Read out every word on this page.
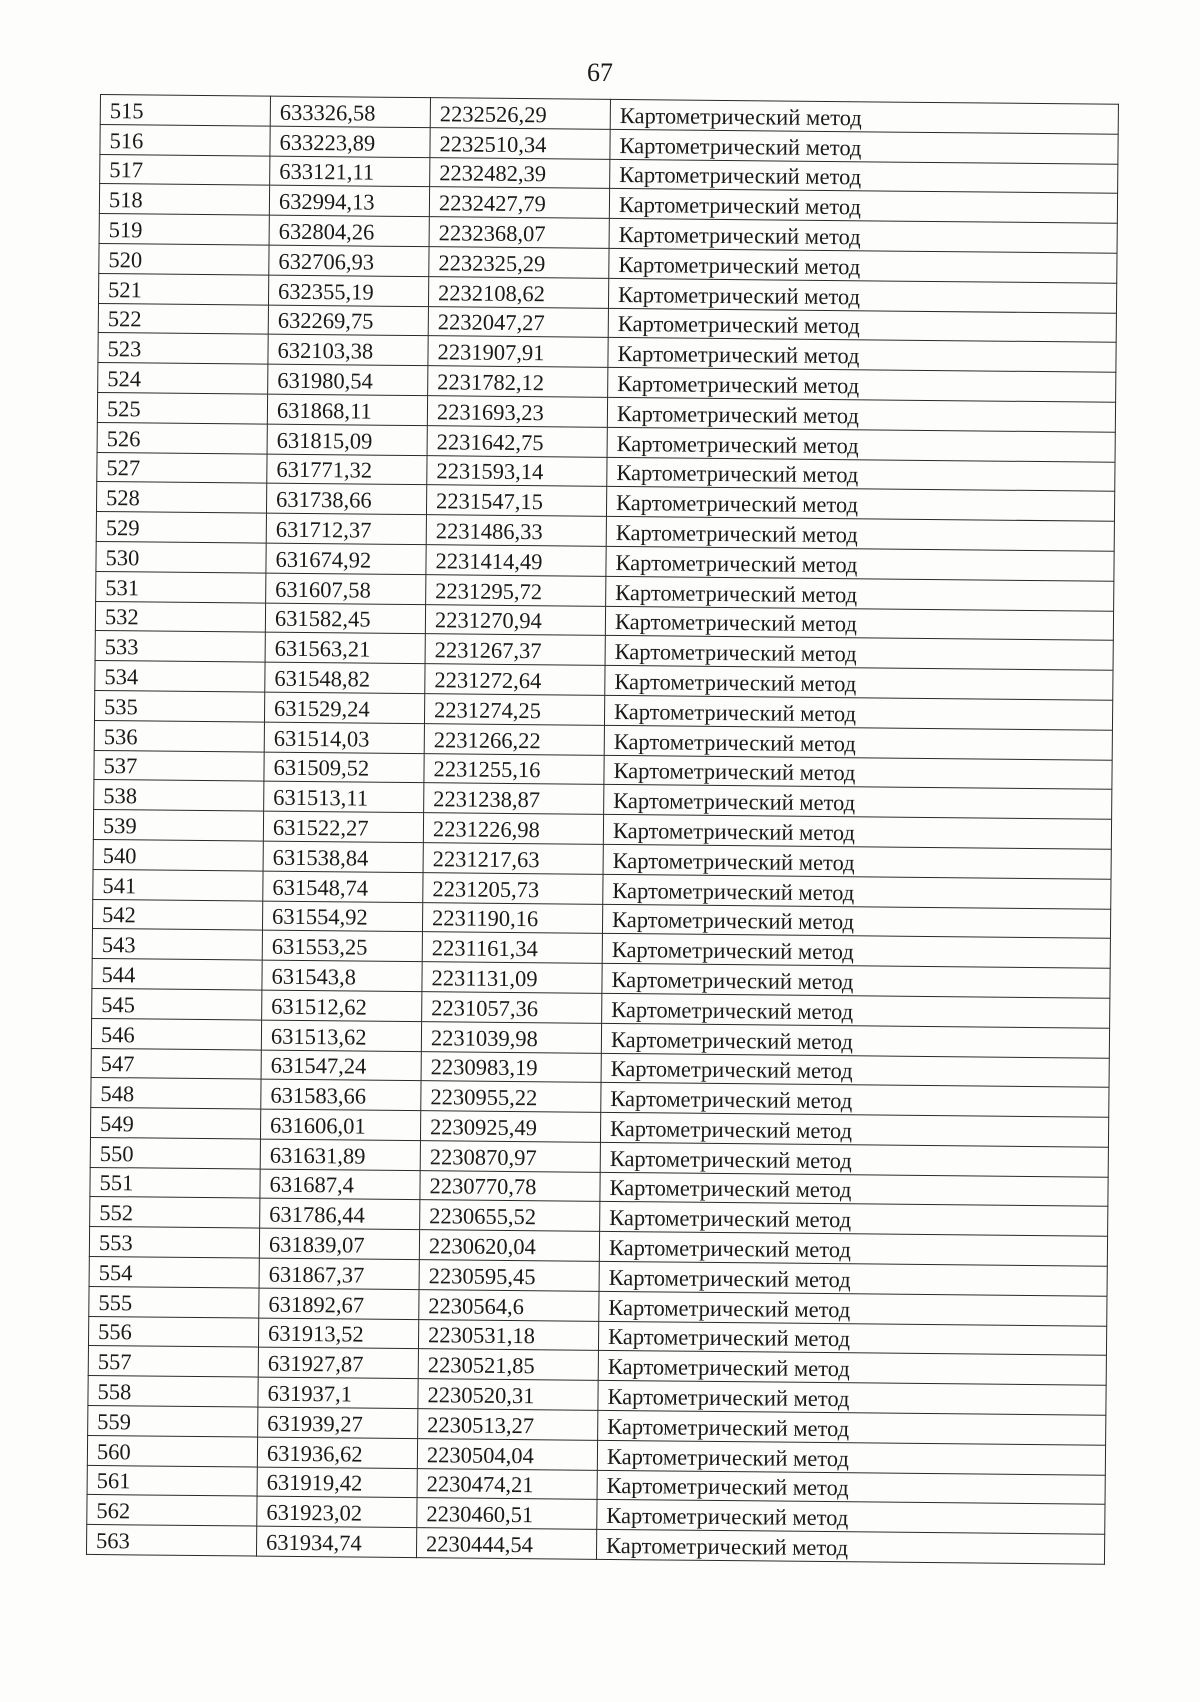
67
515	633326,58	2232526,29	Картометрический метод
516	633223,89	2232510,34	Картометрический метод
517	633121,11	2232482,39	Картометрический метод
518	632994,13	2232427,79	Картометрический метод
519	632804,26	2232368,07	Картометрический метод
520	632706,93	2232325,29	Картометрический метод
521	632355,19	2232108,62	Картометрический метод
522	632269,75	2232047,27	Картометрический метод
523	632103,38	2231907,91	Картометрический метод
524	631980,54	2231782,12	Картометрический метод
525	631868,11	2231693,23	Картометрический метод
526	631815,09	2231642,75	Картометрический метод
527	631771,32	2231593,14	Картометрический метод
528	631738,66	2231547,15	Картометрический метод
529	631712,37	2231486,33	Картометрический метод
530	631674,92	2231414,49	Картометрический метод
531	631607,58	2231295,72	Картометрический метод
532	631582,45	2231270,94	Картометрический метод
533	631563,21	2231267,37	Картометрический метод
534	631548,82	2231272,64	Картометрический метод
535	631529,24	2231274,25	Картометрический метод
536	631514,03	2231266,22	Картометрический метод
537	631509,52	2231255,16	Картометрический метод
538	631513,11	2231238,87	Картометрический метод
539	631522,27	2231226,98	Картометрический метод
540	631538,84	2231217,63	Картометрический метод
541	631548,74	2231205,73	Картометрический метод
542	631554,92	2231190,16	Картометрический метод
543	631553,25	2231161,34	Картометрический метод
544	631543,8	2231131,09	Картометрический метод
545	631512,62	2231057,36	Картометрический метод
546	631513,62	2231039,98	Картометрический метод
547	631547,24	2230983,19	Картометрический метод
548	631583,66	2230955,22	Картометрический метод
549	631606,01	2230925,49	Картометрический метод
550	631631,89	2230870,97	Картометрический метод
551	631687,4	2230770,78	Картометрический метод
552	631786,44	2230655,52	Картометрический метод
553	631839,07	2230620,04	Картометрический метод
554	631867,37	2230595,45	Картометрический метод
555	631892,67	2230564,6	Картометрический метод
556	631913,52	2230531,18	Картометрический метод
557	631927,87	2230521,85	Картометрический метод
558	631937,1	2230520,31	Картометрический метод
559	631939,27	2230513,27	Картометрический метод
560	631936,62	2230504,04	Картометрический метод
561	631919,42	2230474,21	Картометрический метод
562	631923,02	2230460,51	Картометрический метод
563	631934,74	2230444,54	Картометрический метод
